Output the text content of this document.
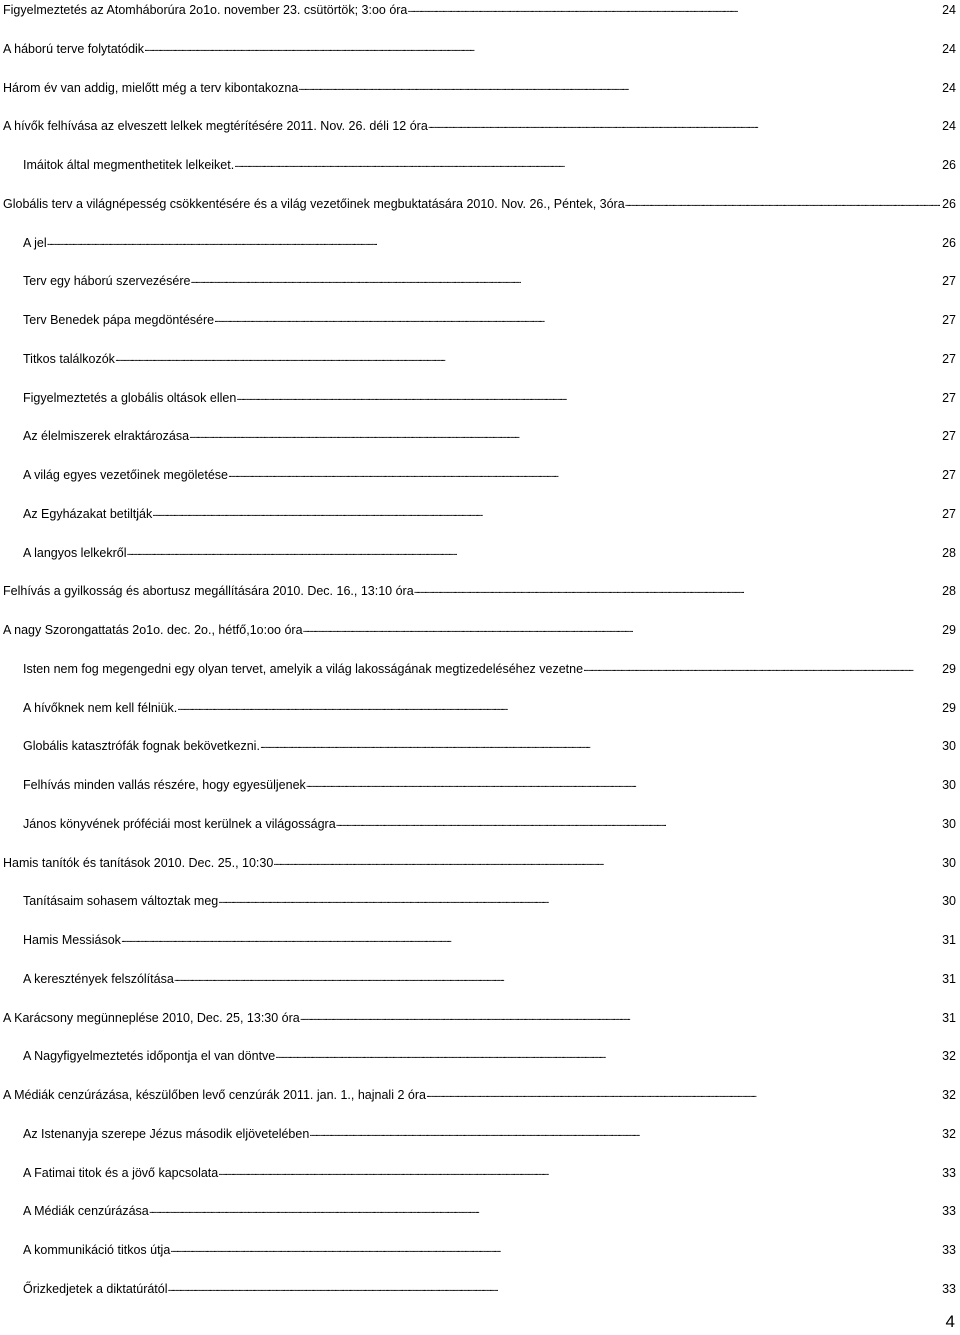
Figyelmeztetés az Atomháborúra 2o1o. november 23. csütörtök; 3:oo óra . . .	24
A háború terve folytatódik . . .	24
Három év van addig, mielőtt még a terv kibontakozna . . .	24
A hívők felhívása az elveszett lelkek megtérítésére 2011. Nov. 26. déli 12 óra . . .	24
Imáitok által megmenthetitek lelkeiket. . . .	26
Globális terv a világnépesség csökkentésére és a világ vezetőinek megbuktatására 2010. Nov. 26., Péntek, 3óra . . .	26
A jel . . .	26
Terv egy háború szervezésére . . .	27
Terv Benedek pápa megdöntésére . . .	27
Titkos találkozók . . .	27
Figyelmeztetés a globális oltások ellen . . .	27
Az élelmiszerek elraktározása . . .	27
A világ egyes vezetőinek megöletése . . .	27
Az Egyházakat betiltják . . .	27
A langyos lelkekről . . .	28
Felhívás a gyilkosság és abortusz megállítására 2010. Dec. 16., 13:10 óra . . .	28
A nagy Szorongattatás 2o1o. dec. 2o., hétfő,1o:oo óra . . .	29
Isten nem fog megengedni egy olyan tervet, amelyik a világ lakosságának megtizedeléséhez vezetne . . .	29
A hívőknek nem kell félniük. . . .	29
Globális katasztrófák fognak bekövetkezni. . . .	30
Felhívás minden vallás részére, hogy egyesüljenek . . .	30
János könyvének próféciái most kerülnek a világosságra . . .	30
Hamis tanítók és tanítások 2010. Dec. 25., 10:30 . . .	30
Tanításaim sohasem változtak meg . . .	30
Hamis Messiások . . .	31
A keresztények felszólítása . . .	31
A Karácsony megünneplése 2010, Dec. 25, 13:30 óra . . .	31
A Nagyfigyelmeztetés időpontja el van döntve . . .	32
A Médiák cenzúrázása, készülőben levő cenzúrák 2011. jan. 1., hajnali 2 óra . . .	32
Az Istenanyja szerepe Jézus második eljövetelében . . .	32
A Fatimai titok és a jövő kapcsolata . . .	33
A Médiák cenzúrázása . . .	33
A kommunikáció titkos útja . . .	33
Őrizkedjetek a diktatúrától . . .	33
4
